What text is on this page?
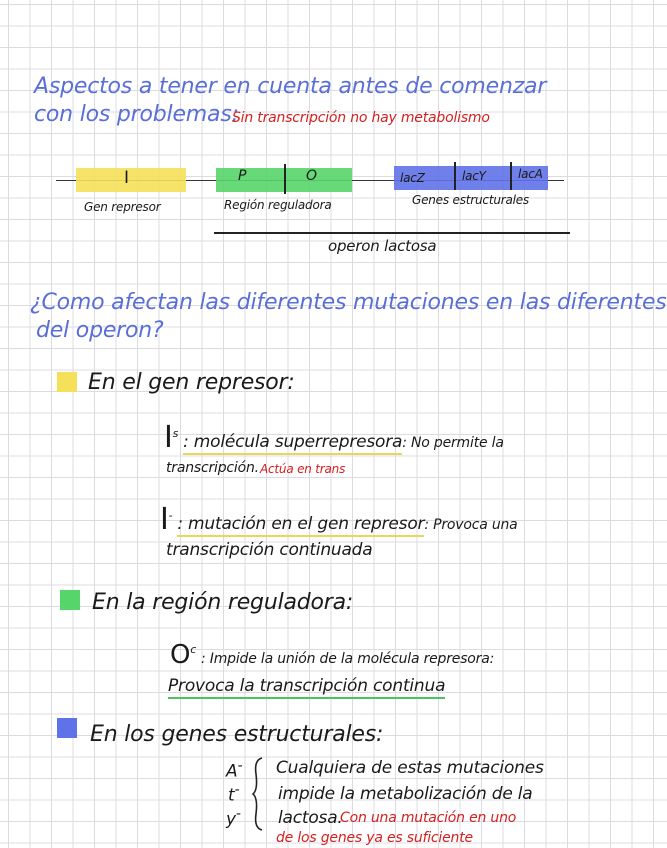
Aspectos a tener en cuenta antes de comenzar
con los problemas:
Sin transcripción no hay metabolismo
I	P	O	lacZ	lacY	lacA
Gen represor	Región reguladora	Genes estructurales
operon lactosa
¿Como afectan las diferentes mutaciones en las diferentes
del operon?
En el gen represor:
$I^s$ : molécula superrepresora: No permite la
transcripción. Actúa en trans
I- : mutación en el gen represor: Provoca una
transcripción continuada
En la región reguladora:
$O^c$ : Impide la unión de la molécula represora:
Provoca la transcripción continua
En los genes estructurales:
A-
t-
y-
Cualquiera de estas mutaciones
impide la metabolización de la
lactosa.
Con una mutación en uno
de los genes ya es suficiente
